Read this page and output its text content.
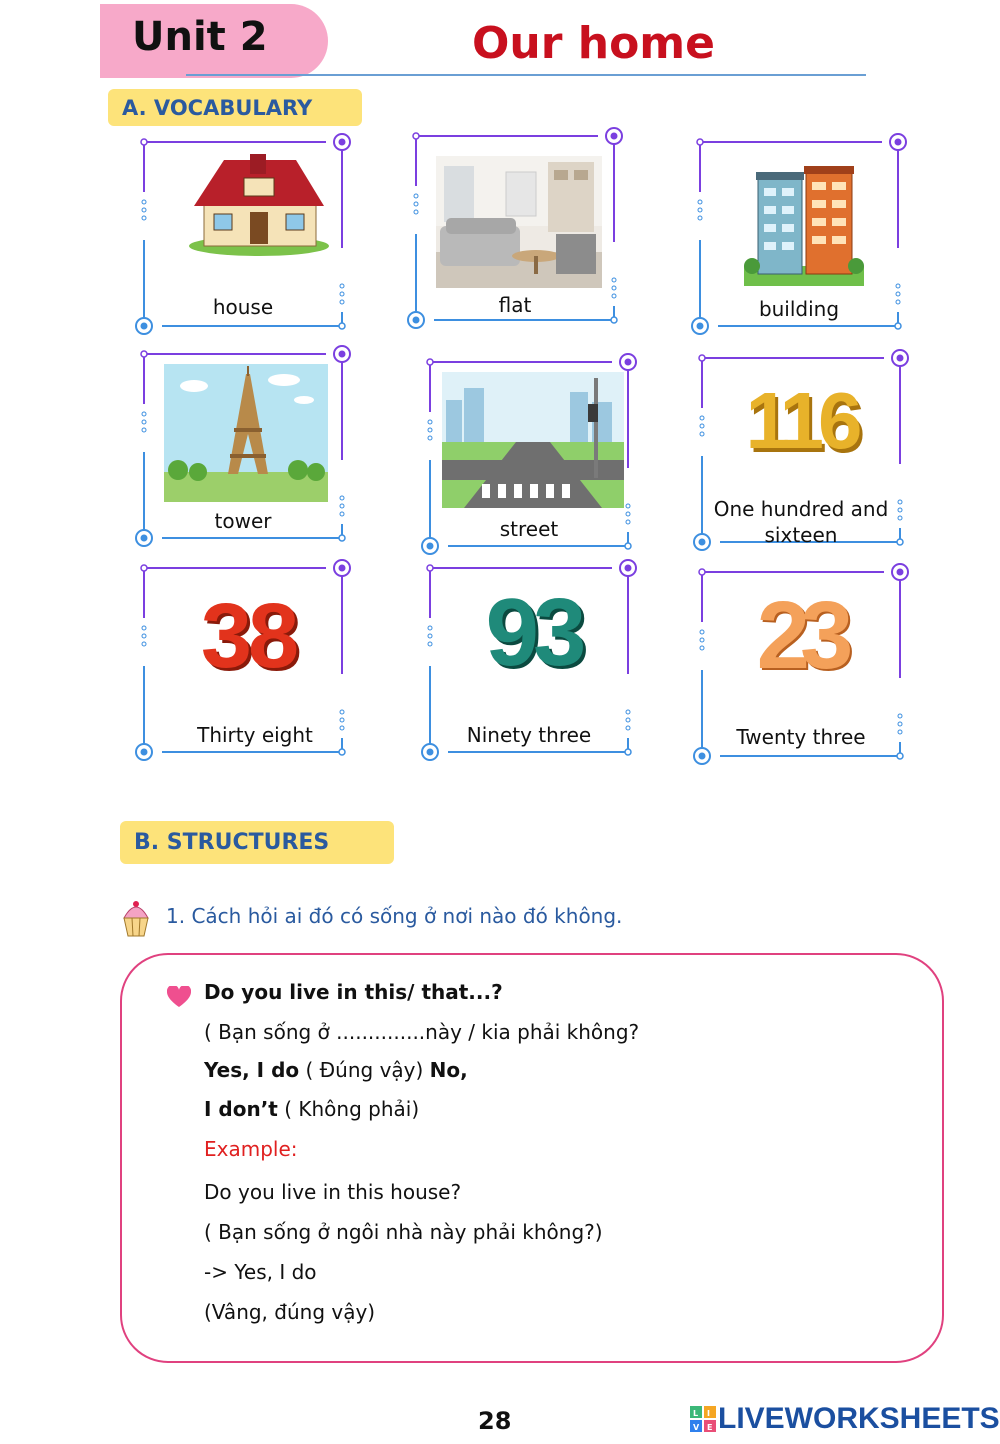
Unit 2	Our home
A. VOCABULARY
house	flat	building
tower	street
116
One hundred and sixteen
38
Thirty eight
93
Ninety three
23
Twenty three
B. STRUCTURES
1. Cách hỏi ai đó có sống ở nơi nào đó không.
Do you live in this/ that...?
( Bạn sống ở ..............này / kia phải không?
Yes, I do ( Đúng vậy) No,
I don’t ( Không phải)
Example:
Do you live in this house?
( Bạn sống ở ngôi nhà này phải không?)
-> Yes, I do
(Vâng, đúng vậy)
28	L I
V E LIVEWORKSHEETS
